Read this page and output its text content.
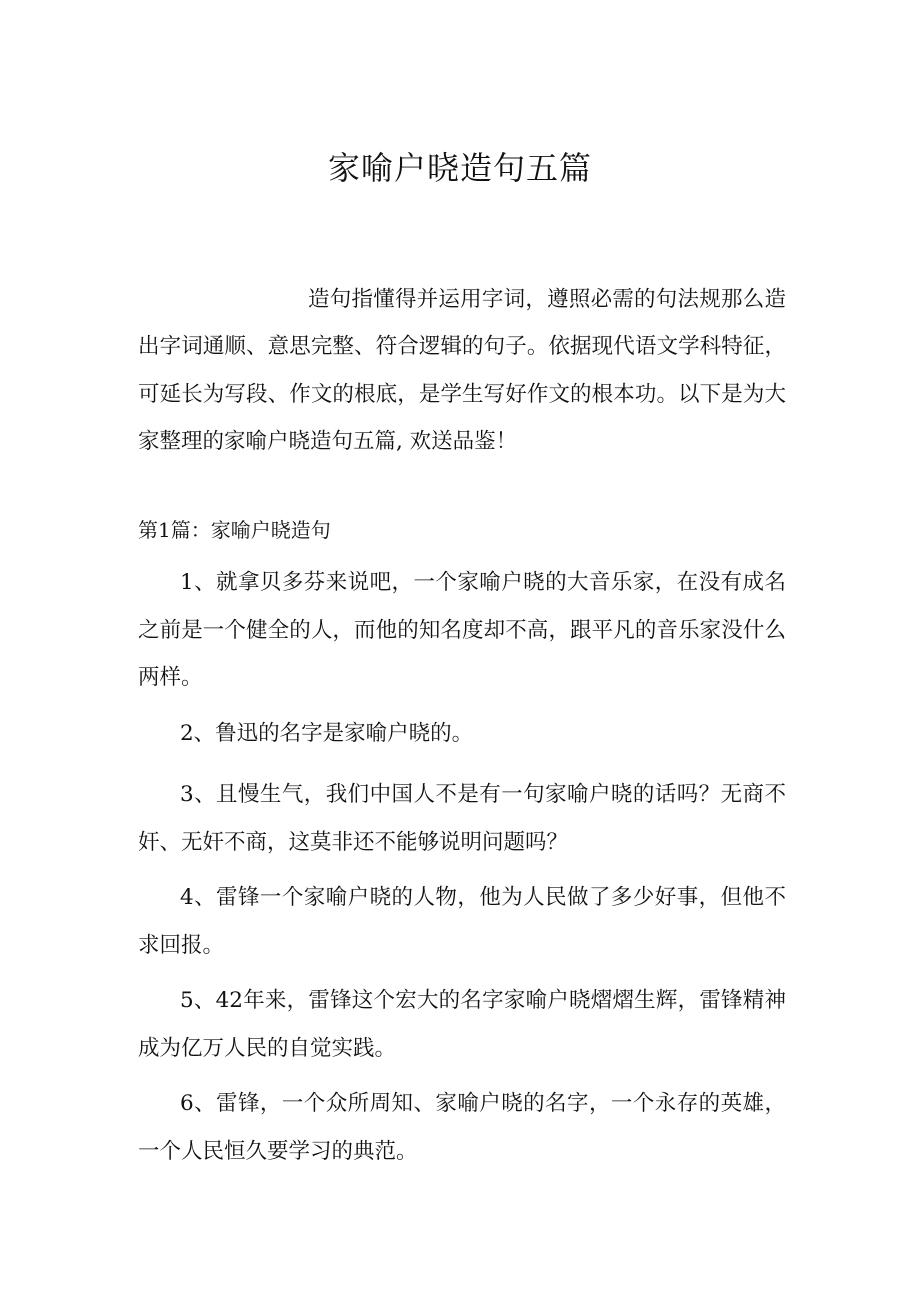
家喻户晓造句五篇

造句指懂得并运用字词，遵照必需的句法规那么造出字词通顺、意思完整、符合逻辑的句子。依据现代语文学科特征，可延长为写段、作文的根底，是学生写好作文的根本功。以下是为大家整理的家喻户晓造句五篇, 欢送品鉴！

第1篇：家喻户晓造句

1、就拿贝多芬来说吧，一个家喻户晓的大音乐家，在没有成名之前是一个健全的人，而他的知名度却不高，跟平凡的音乐家没什么两样。

2、鲁迅的名字是家喻户晓的。

3、且慢生气，我们中国人不是有一句家喻户晓的话吗？无商不奸、无奸不商，这莫非还不能够说明问题吗？

4、雷锋一个家喻户晓的人物，他为人民做了多少好事，但他不求回报。

5、42年来，雷锋这个宏大的名字家喻户晓熠熠生辉，雷锋精神成为亿万人民的自觉实践。

6、雷锋，一个众所周知、家喻户晓的名字，一个永存的英雄，一个人民恒久要学习的典范。
